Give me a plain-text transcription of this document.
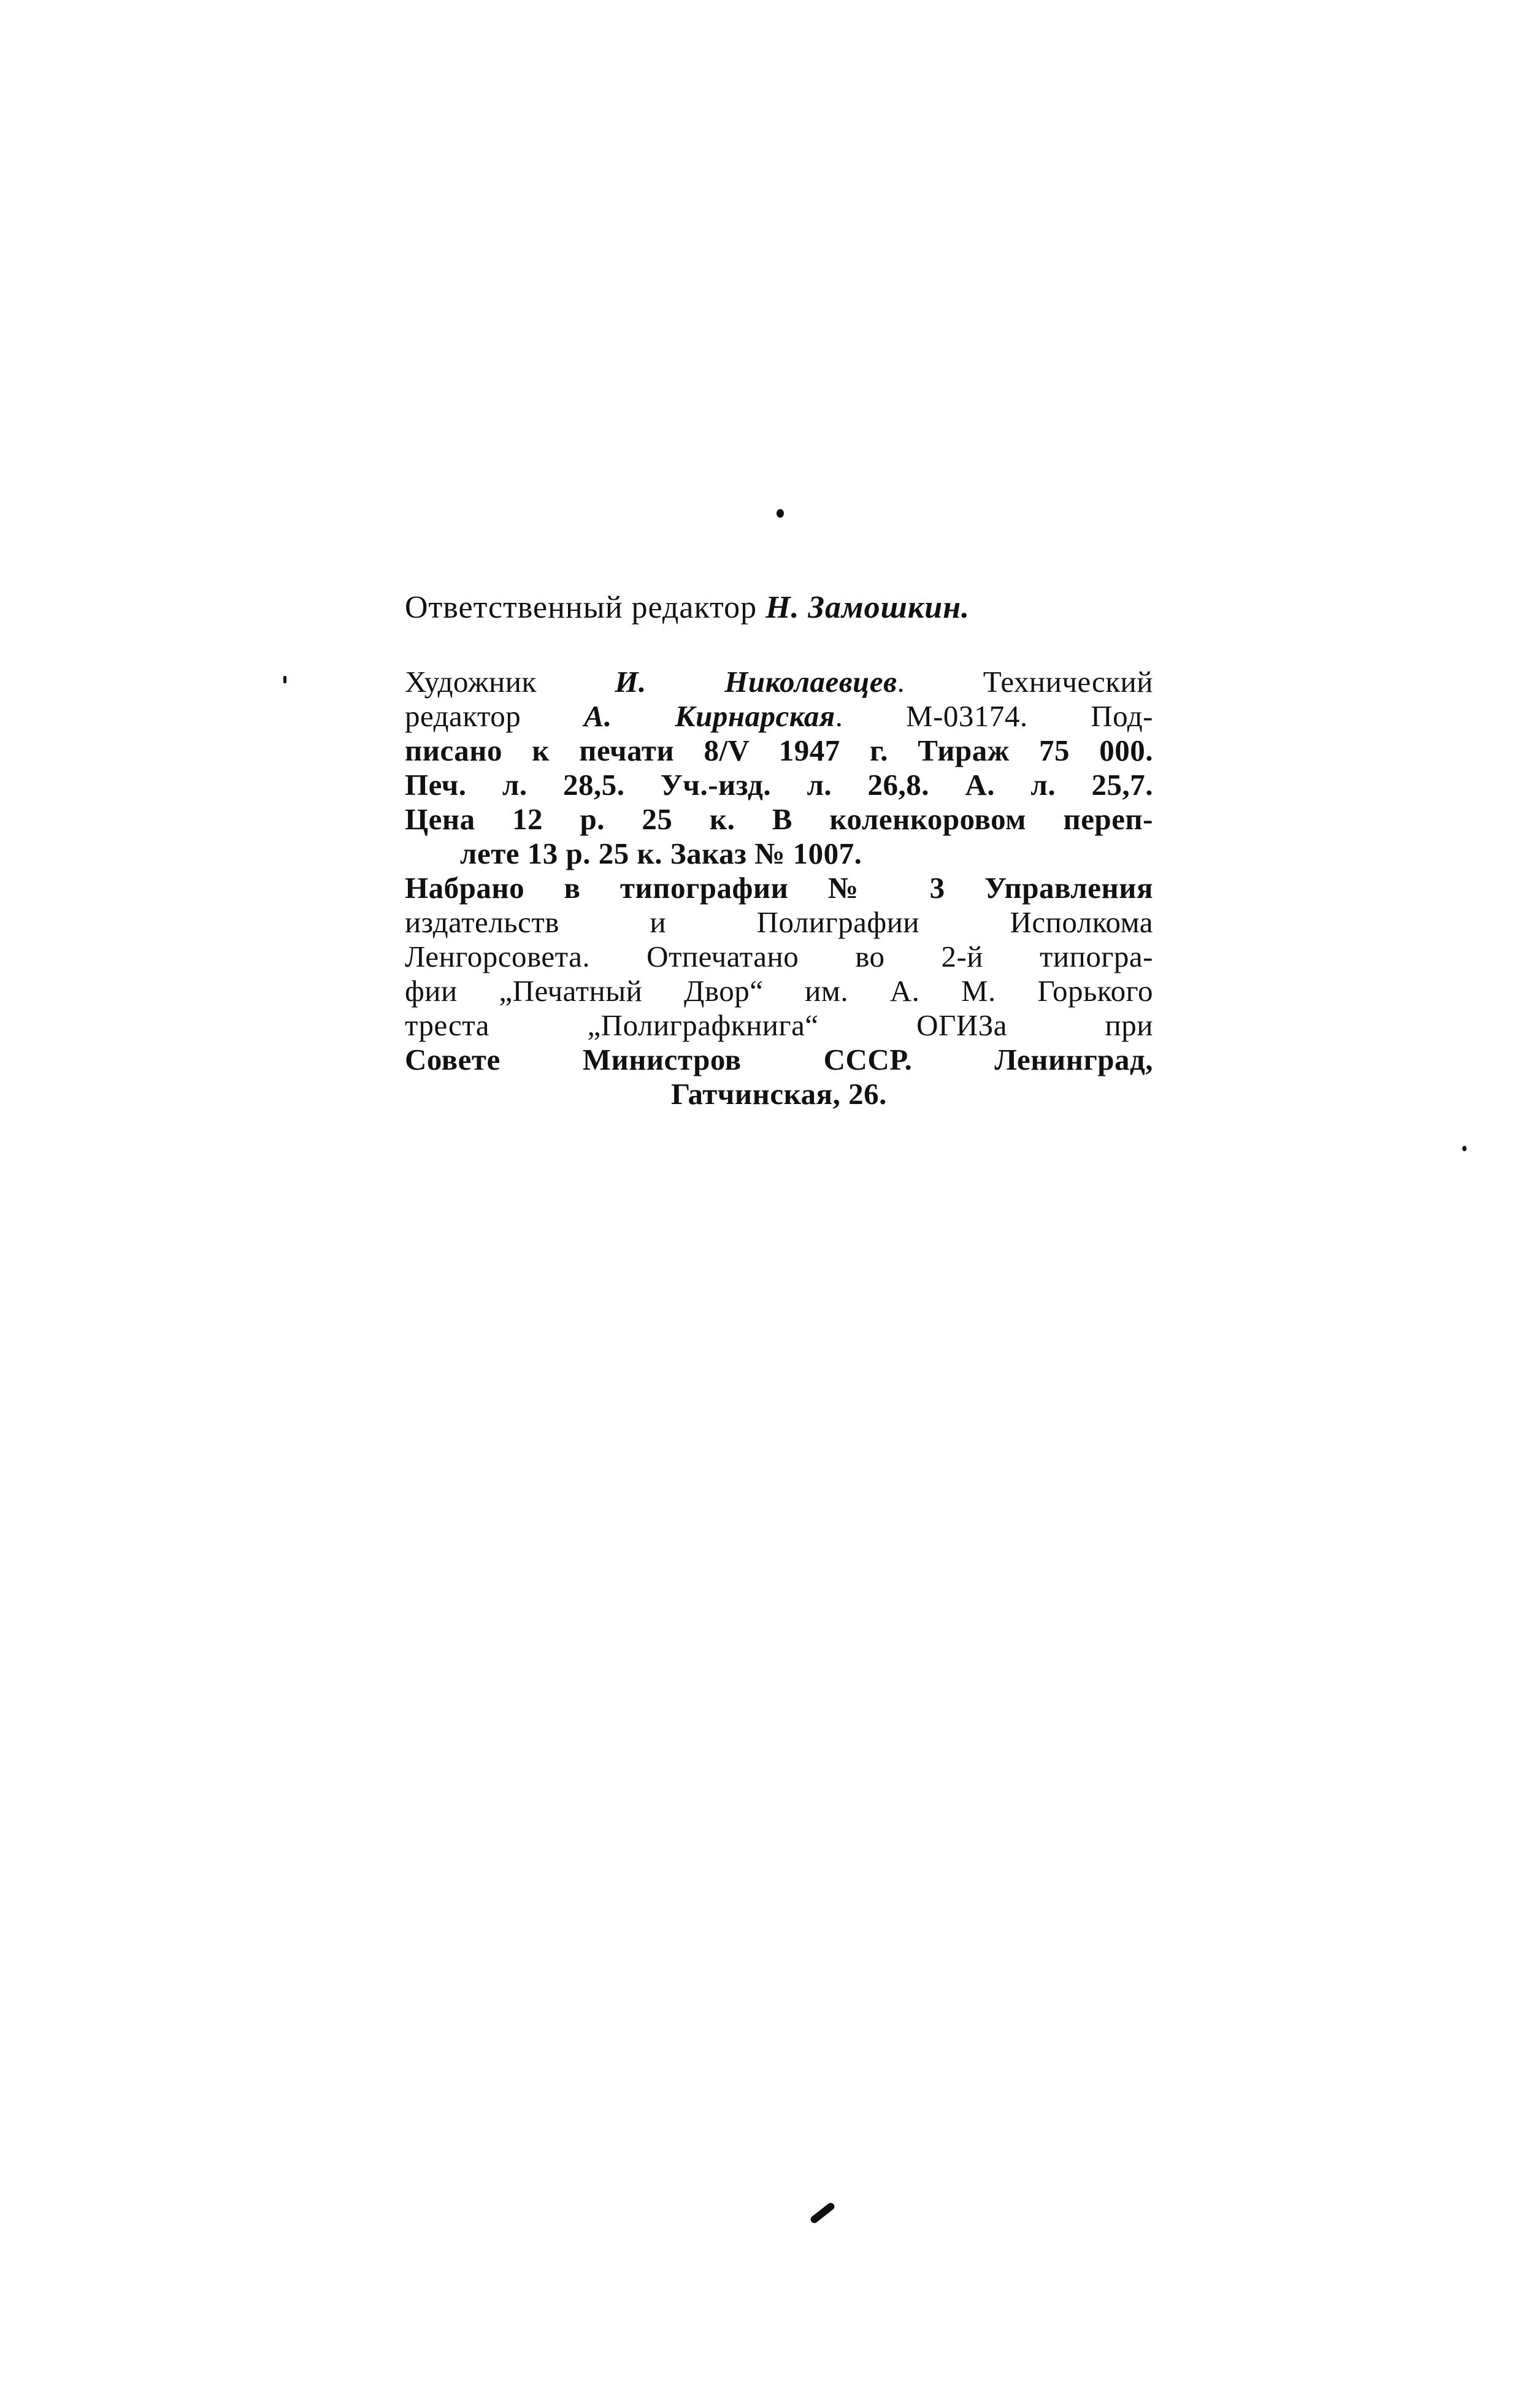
Ответственный редактор Н. Замошкин.

Художник И. Николаевцев. Технический

редактор А. Кирнарская. М-03174. Под-

писано к печати 8/V 1947 г. Тираж 75 000.

Печ. л. 28,5. Уч.-изд. л. 26,8. А. л. 25,7.

Цена 12 р. 25 к. В коленкоровом переп-

лете 13 р. 25 к. Заказ № 1007.

Набрано в типографии № 3 Управления

издательств и Полиграфии Исполкома

Ленгорсовета. Отпечатано во 2-й типогра-

фии „Печатный Двор“ им. А. М. Горького

треста „Полиграфкнига“ ОГИЗа при

Совете Министров СССР. Ленинград,

Гатчинская, 26.
